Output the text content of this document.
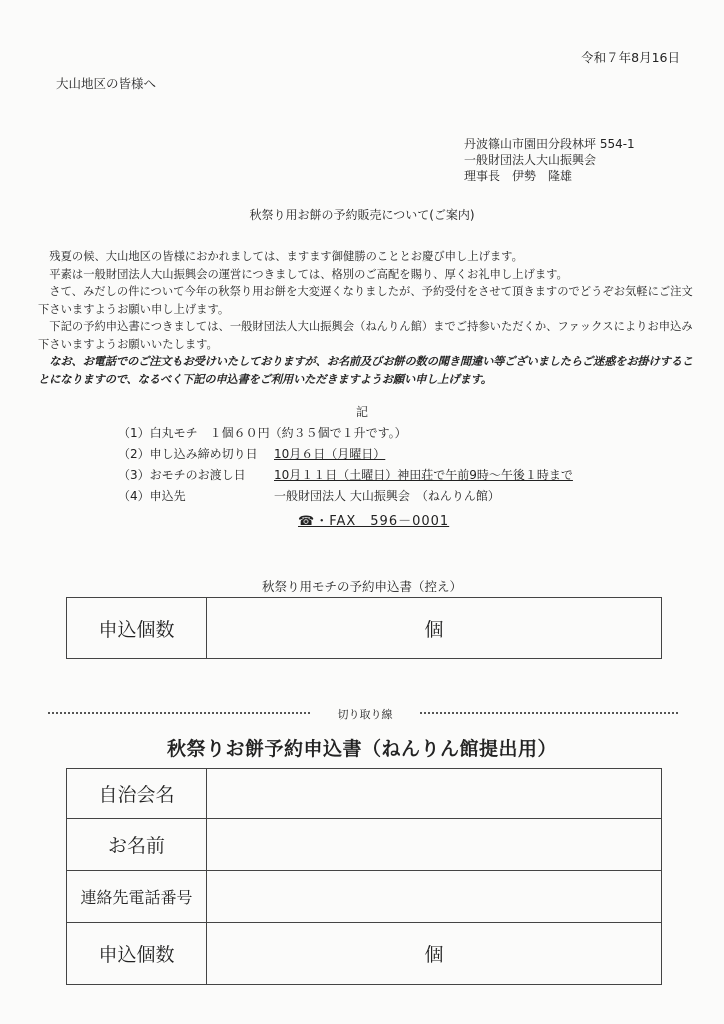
令和７年8月16日
大山地区の皆様へ
丹波篠山市園田分段林坪 554-1
一般財団法人大山振興会
理事長　伊勢　隆雄
秋祭り用お餅の予約販売について(ご案内)

残夏の候、大山地区の皆様におかれましては、ますます御健勝のこととお慶び申し上げます。

平素は一般財団法人大山振興会の運営につきましては、格別のご高配を賜り、厚くお礼申し上げます。

さて、みだしの件について今年の秋祭り用お餅を大変遅くなりましたが、予約受付をさせて頂きますのでどうぞお気軽にご注文下さいますようお願い申し上げます。

下記の予約申込書につきましては、一般財団法人大山振興会（ねんりん館）までご持参いただくか、ファックスによりお申込み下さいますようお願いいたします。

なお、お電話でのご注文もお受けいたしておりますが、お名前及びお餅の数の聞き間違い等ございましたらご迷惑をお掛けすることになりますので、なるべく下記の申込書をご利用いただきますようお願い申し上げます。

記
（1）白丸モチ　１個６０円（約３５個で１升です。）
（2）申し込み締め切り日 10月６日（月曜日）
（3）おモチのお渡し日 10月１１日（土曜日）神田荘で午前9時～午後１時まで
（4）申込先	一般財団法人 大山振興会　（ねんりん館）
☎・FAX　596－0001
秋祭り用モチの予約申込書（控え）
申込個数	個
切り取り線
秋祭りお餅予約申込書（ねんりん館提出用）
自治会名	
お名前	
連絡先電話番号	
申込個数	個
